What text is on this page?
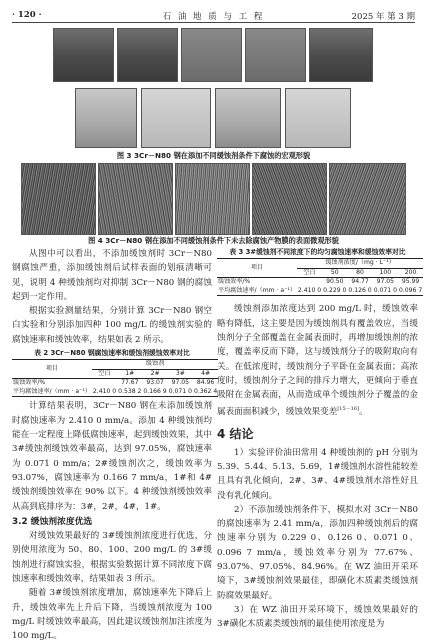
· 120 ·	石 油 地 质 与 工 程	2025 年 第 3 期
图 3 3Cr－N80 钢在添加不同缓蚀剂条件下腐蚀的宏观形貌
图 4 3Cr－N80 钢在添加不同缓蚀剂条件下未去除腐蚀产物膜的表面微观形貌

从图中可以看出，不添加缓蚀剂时 3Cr－N80 钢腐蚀严重，添加缓蚀剂后试样表面的划痕清晰可见，说明 4 种缓蚀剂均对抑制 3Cr－N80 钢的腐蚀起到一定作用。

根据实验测量结果，分别计算 3Cr－N80 钢空白实验和分别添加四种 100 mg/L 的缓蚀剂实验的腐蚀速率和缓蚀效率，结果如表 2 所示。

表 2 3Cr－N80 钢腐蚀速率和缓蚀剂缓蚀效率对比
项目	缓蚀剂				
	空白	1#	2#	3#	4#
缓蚀效率/%		77.67	93.07	97.05	84.96
平均腐蚀速率/（mm · a⁻¹）	2.410 0	0.538 2	0.166 9	0.071 0	0.362 4

计算结果表明，3Cr－N80 钢在未添加缓蚀剂时腐蚀速率为 2.410 0 mm/a。添加 4 种缓蚀剂均能在一定程度上降低腐蚀速率，起到缓蚀效果，其中 3#缓蚀剂缓蚀效率最高，达到 97.05%，腐蚀速率为 0.071 0 mm/a；2#缓蚀剂次之，缓蚀效率为 93.07%，腐蚀速率为 0.166 7 mm/a，1#和 4#缓蚀剂缓蚀效率在 90% 以下。4 种缓蚀剂缓蚀效率从高到底排序为：3#，2#，4#，1#。

3.2 缓蚀剂浓度优选

对缓蚀效果最好的 3#缓蚀剂浓度进行优选，分别使用浓度为 50、80、100、200 mg/L 的 3#缓蚀剂进行腐蚀实验，根据实验数据计算不同浓度下腐蚀速率和缓蚀效率，结果如表 3 所示。

随着 3#缓蚀剂浓度增加，腐蚀速率先下降后上升，缓蚀效率先上升后下降，当缓蚀剂浓度为 100 mg/L 时缓蚀效率最高，因此建议缓蚀剂加注浓度为 100 mg/L。

表 3 3#缓蚀剂不同浓度下的均匀腐蚀速率和缓蚀效率对比
项目	缓蚀剂浓度/（mg · L⁻¹）				
	空白	50	80	100	200
缓蚀效率/%		90.50	94.77	97.05	95.99
平均腐蚀速率/（mm · a⁻¹）	2.410 0	0.229 0	0.126 0	0.071 0	0.096 7

缓蚀剂添加浓度达到 200 mg/L 时，缓蚀效率略有降低，这主要是因为缓蚀剂具有覆盖效应，当缓蚀剂分子全部覆盖在金属表面时，再增加缓蚀剂的浓度，覆盖率反而下降，这与缓蚀剂分子的吸附取向有关。在低浓度时，缓蚀剂分子平卧在金属表面；高浓度时，缓蚀剂分子之间的排斥力增大，更倾向于垂直吸附在金属表面，从而造成单个缓蚀剂分子覆盖的金属表面面积减少，缓蚀效果变差[15－16]。

4 结论

1）实验评价油田常用 4 种缓蚀剂的 pH 分别为 5.39、5.44、5.13、5.69，1#缓蚀剂水溶性能较差且具有乳化倾向，2#、3#、4#缓蚀剂水溶性好且没有乳化倾向。

2）不添加缓蚀剂条件下，模拟水对 3Cr－N80 的腐蚀速率为 2.41 mm/a，添加四种缓蚀剂后的腐蚀速率分别为 0.229 0、0.126 0、0.071 0、0.096 7 mm/a，缓蚀效率分别为 77.67%、93.07%、97.05%、84.96%。在 WZ 油田开采环境下，3#缓蚀剂效果最佳，即磺化木质素类缓蚀剂防腐效果最好。

3）在 WZ 油田开采环境下，缓蚀效果最好的 3#磺化木质素类缓蚀剂的最佳使用浓度是为
